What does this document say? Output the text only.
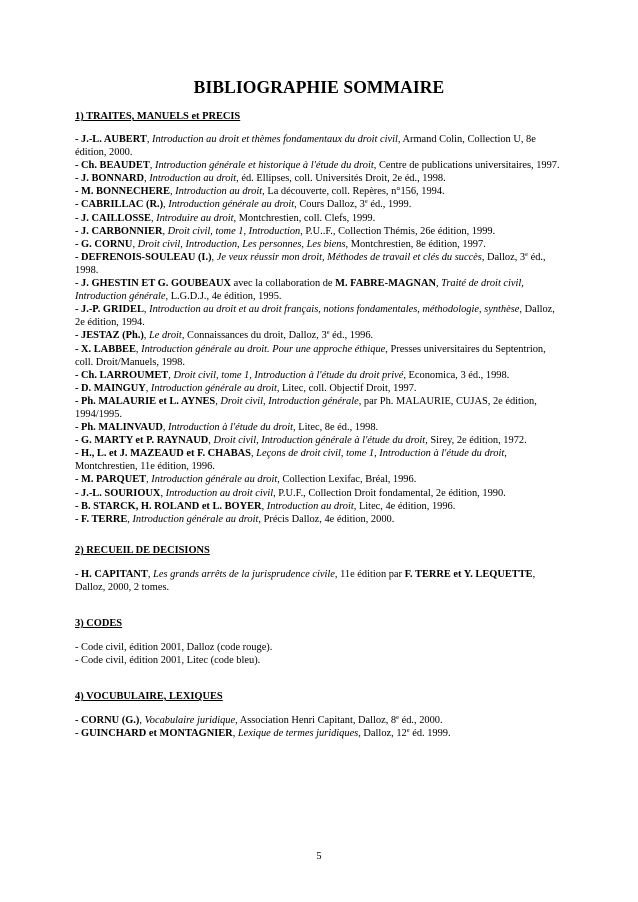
BIBLIOGRAPHIE SOMMAIRE
1) TRAITES, MANUELS et PRECIS

- J.-L. AUBERT, Introduction au droit et thèmes fondamentaux du droit civil, Armand Colin, Collection U, 8e édition, 2000.

- Ch. BEAUDET, Introduction générale et historique à l'étude du droit, Centre de publications universitaires, 1997.

- J. BONNARD, Introduction au droit, éd. Ellipses, coll. Universités Droit, 2e éd., 1998.

- M. BONNECHERE, Introduction au droit, La découverte, coll. Repères, n°156, 1994.

- CABRILLAC (R.), Introduction générale au droit, Cours Dalloz, 3e éd., 1999.

- J. CAILLOSSE, Introduire au droit, Montchrestien, coll. Clefs, 1999.

- J. CARBONNIER, Droit civil, tome 1, Introduction, P.U..F., Collection Thémis, 26e édition, 1999.

- G. CORNU, Droit civil, Introduction, Les personnes, Les biens, Montchrestien, 8e édition, 1997.

- DEFRENOIS-SOULEAU (I.), Je veux réussir mon droit, Méthodes de travail et clés du succès, Dalloz, 3e éd., 1998.

- J. GHESTIN ET G. GOUBEAUX avec la collaboration de M. FABRE-MAGNAN, Traité de droit civil, Introduction générale, L.G.D.J., 4e édition, 1995.

- J.-P. GRIDEL, Introduction au droit et au droit français, notions fondamentales, méthodologie, synthèse, Dalloz, 2e édition, 1994.

- JESTAZ (Ph.), Le droit, Connaissances du droit, Dalloz, 3e éd., 1996.

- X. LABBEE, Introduction générale au droit. Pour une approche éthique, Presses universitaires du Septentrion, coll. Droit/Manuels, 1998.

- Ch. LARROUMET, Droit civil, tome 1, Introduction à l'étude du droit privé, Economica, 3 éd., 1998.

- D. MAINGUY, Introduction générale au droit, Litec, coll. Objectif Droit, 1997.

- Ph. MALAURIE et L. AYNES, Droit civil, Introduction générale, par Ph. MALAURIE, CUJAS, 2e édition, 1994/1995.

- Ph. MALINVAUD, Introduction à l'étude du droit, Litec, 8e éd., 1998.

- G. MARTY et P. RAYNAUD, Droit civil, Introduction générale à l'étude du droit, Sirey, 2e édition, 1972.

- H., L. et J. MAZEAUD et F. CHABAS, Leçons de droit civil, tome 1, Introduction à l'étude du droit, Montchrestien, 11e édition, 1996.

- M. PARQUET, Introduction générale au droit, Collection Lexifac, Bréal, 1996.

- J.-L. SOURIOUX, Introduction au droit civil, P.U.F., Collection Droit fondamental, 2e édition, 1990.

- B. STARCK, H. ROLAND et L. BOYER, Introduction au droit, Litec, 4e édition, 1996.

- F. TERRE, Introduction générale au droit, Précis Dalloz, 4e édition, 2000.

2) RECUEIL DE DECISIONS

- H. CAPITANT, Les grands arrêts de la jurisprudence civile, 11e édition par F. TERRE et Y. LEQUETTE, Dalloz, 2000, 2 tomes.

3) CODES

- Code civil, édition 2001, Dalloz (code rouge).

- Code civil, édition 2001, Litec (code bleu).

4) VOCUBULAIRE, LEXIQUES

- CORNU (G.), Vocabulaire juridique, Association Henri Capitant, Dalloz, 8e éd., 2000.

- GUINCHARD et MONTAGNIER, Lexique de termes juridiques, Dalloz, 12e éd. 1999.

5
